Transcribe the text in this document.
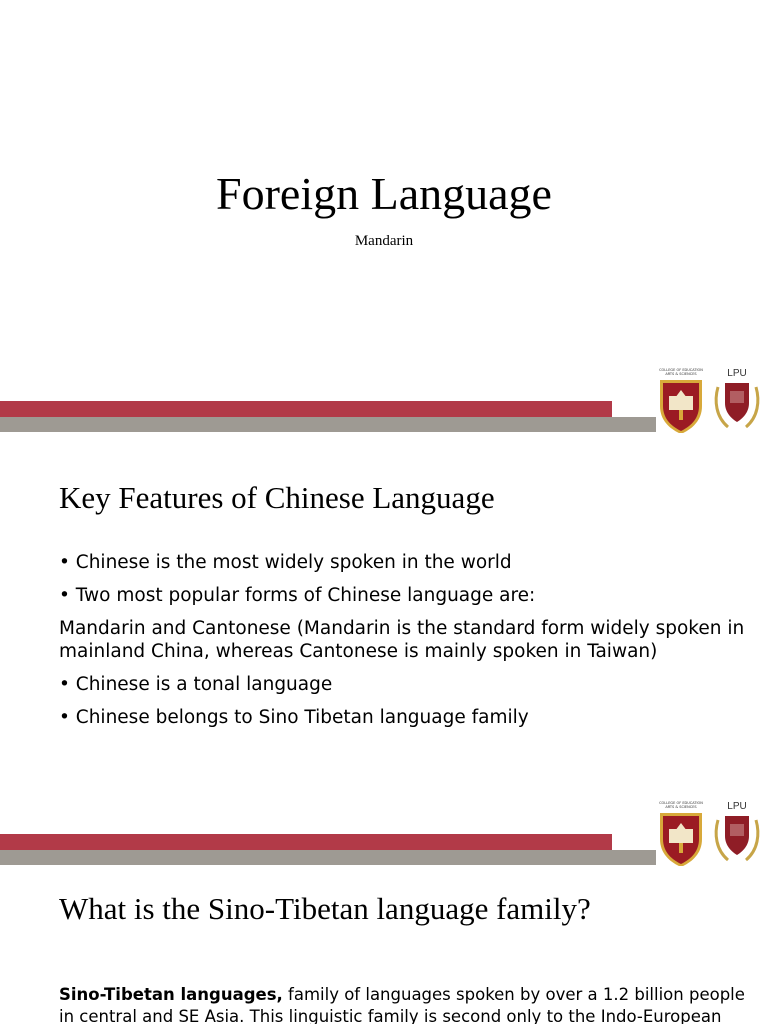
Foreign Language
Mandarin
COLLEGE OF EDUCATION ARTS & SCIENCES	LPU
Key Features of Chinese Language

• Chinese is the most widely spoken in the world

• Two most popular forms of Chinese language are:

Mandarin and Cantonese (Mandarin is the standard form widely spoken in mainland China, whereas Cantonese is mainly spoken in Taiwan)

• Chinese is a tonal language

• Chinese belongs to Sino Tibetan language family

COLLEGE OF EDUCATION ARTS & SCIENCES	LPU
What is the Sino-Tibetan language family?

Sino-Tibetan languages, family of languages spoken by over a 1.2 billion people in central and SE Asia. This linguistic family is second only to the Indo-European
